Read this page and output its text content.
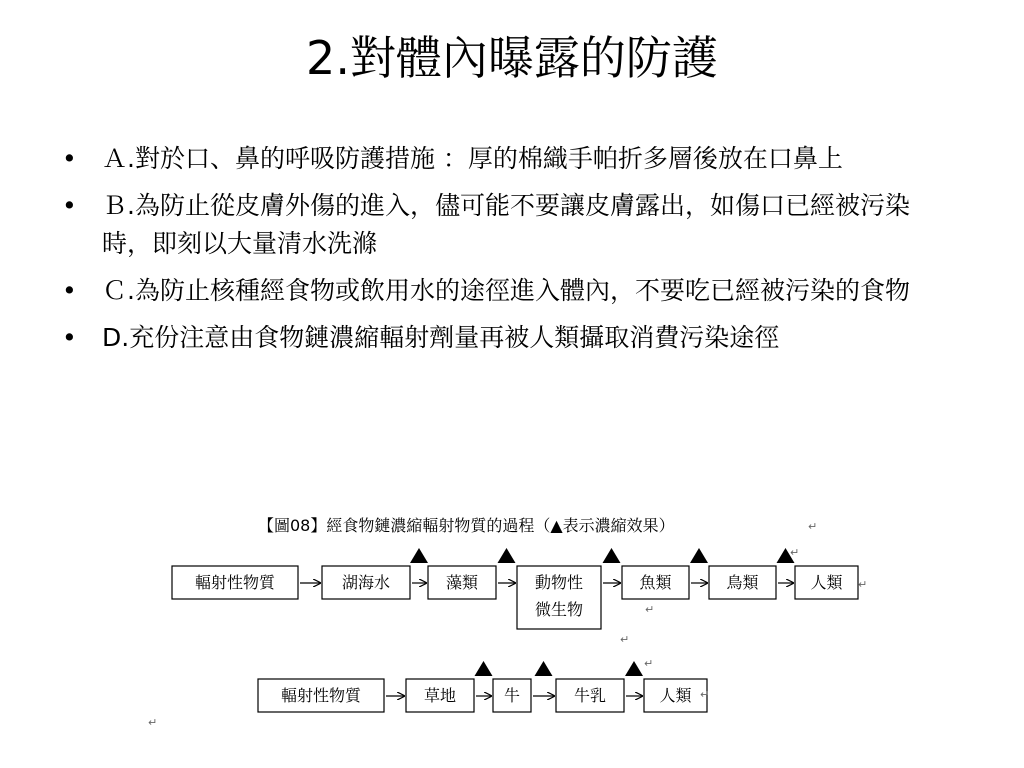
2.對體內曝露的防護
• Ａ.對於口、鼻的呼吸防護措施 ：厚的棉織手帕折多層後放在口鼻上
• Ｂ.為防止從皮膚外傷的進入，儘可能不要讓皮膚露出，如傷口已經被污染時，即刻以大量清水洗滌
• Ｃ.為防止核種經食物或飲用水的途徑進入體內，不要吃已經被污染的食物
• D.充份注意由食物鏈濃縮輻射劑量再被人類攝取消費污染途徑
【圖08】經食物鏈濃縮輻射物質的過程（▲表示濃縮效果）
輻射性物質	湖海水	藻類	動物性
微生物
魚類	鳥類	人類
輻射性物質	草地	牛	牛乳	人類
↵
↵
↵
↵
↵
↵
↵
↵
